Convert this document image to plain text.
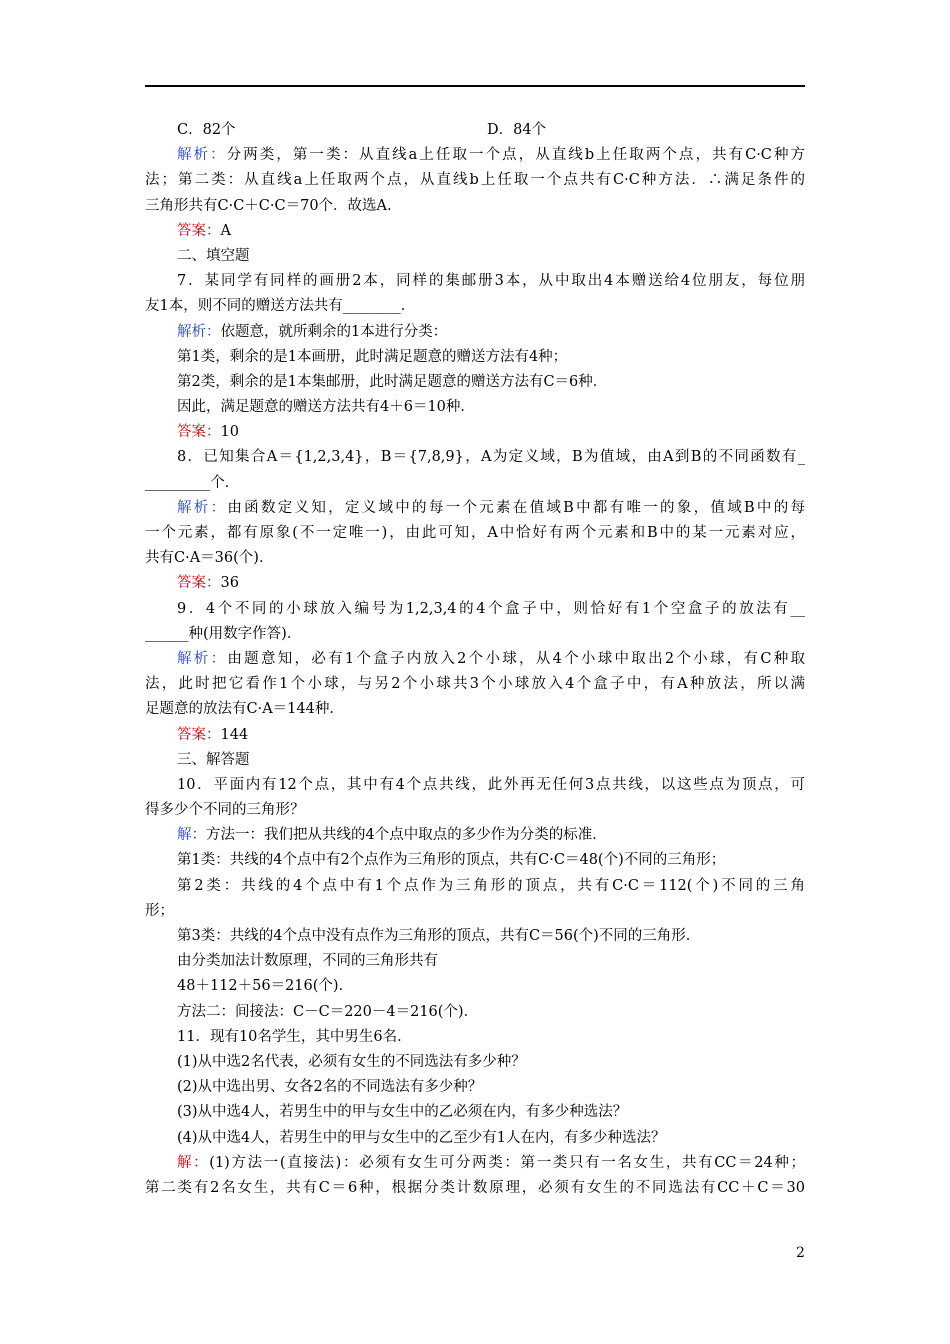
C．82个	D．84个
解析：分两类，第一类：从直线a上任取一个点，从直线b上任取两个点，共有C·C种方
法；第二类：从直线a上任取两个点，从直线b上任取一个点共有C·C种方法．∴满足条件的
三角形共有C·C＋C·C＝70个．故选A.
答案：A
二、填空题
7．某同学有同样的画册2本，同样的集邮册3本，从中取出4本赠送给4位朋友，每位朋
友1本，则不同的赠送方法共有________．
解析：依题意，就所剩余的1本进行分类：
第1类，剩余的是1本画册，此时满足题意的赠送方法有4种；
第2类，剩余的是1本集邮册，此时满足题意的赠送方法有C＝6种．
因此，满足题意的赠送方法共有4＋6＝10种．
答案：10
8．已知集合A＝{1,2,3,4}，B＝{7,8,9}，A为定义域，B为值域，由A到B的不同函数有_
_________个．
解析：由函数定义知，定义域中的每一个元素在值域B中都有唯一的象，值域B中的每
一个元素，都有原象(不一定唯一)，由此可知，A中恰好有两个元素和B中的某一元素对应，
共有C·A＝36(个)．
答案：36
9．4个不同的小球放入编号为1,2,3,4的4个盒子中，则恰好有1个空盒子的放法有__
______种(用数字作答)．
解析：由题意知，必有1个盒子内放入2个小球，从4个小球中取出2个小球，有C种取
法，此时把它看作1个小球，与另2个小球共3个小球放入4个盒子中，有A种放法，所以满
足题意的放法有C·A＝144种．
答案：144
三、解答题
10．平面内有12个点，其中有4个点共线，此外再无任何3点共线，以这些点为顶点，可
得多少个不同的三角形？
解：方法一：我们把从共线的4个点中取点的多少作为分类的标准．
第1类：共线的4个点中有2个点作为三角形的顶点，共有C·C＝48(个)不同的三角形；
第2类：共线的4个点中有1个点作为三角形的顶点，共有C·C＝112(个)不同的三角
形；
第3类：共线的4个点中没有点作为三角形的顶点，共有C＝56(个)不同的三角形．
由分类加法计数原理，不同的三角形共有
48＋112＋56＝216(个)．
方法二：间接法：C－C＝220－4＝216(个)．
11．现有10名学生，其中男生6名．
(1)从中选2名代表，必须有女生的不同选法有多少种？
(2)从中选出男、女各2名的不同选法有多少种？
(3)从中选4人，若男生中的甲与女生中的乙必须在内，有多少种选法？
(4)从中选4人，若男生中的甲与女生中的乙至少有1人在内，有多少种选法？
解：(1)方法一(直接法)：必须有女生可分两类：第一类只有一名女生，共有CC＝24种；
第二类有2名女生，共有C＝6种，根据分类计数原理，必须有女生的不同选法有CC＋C＝30
2
